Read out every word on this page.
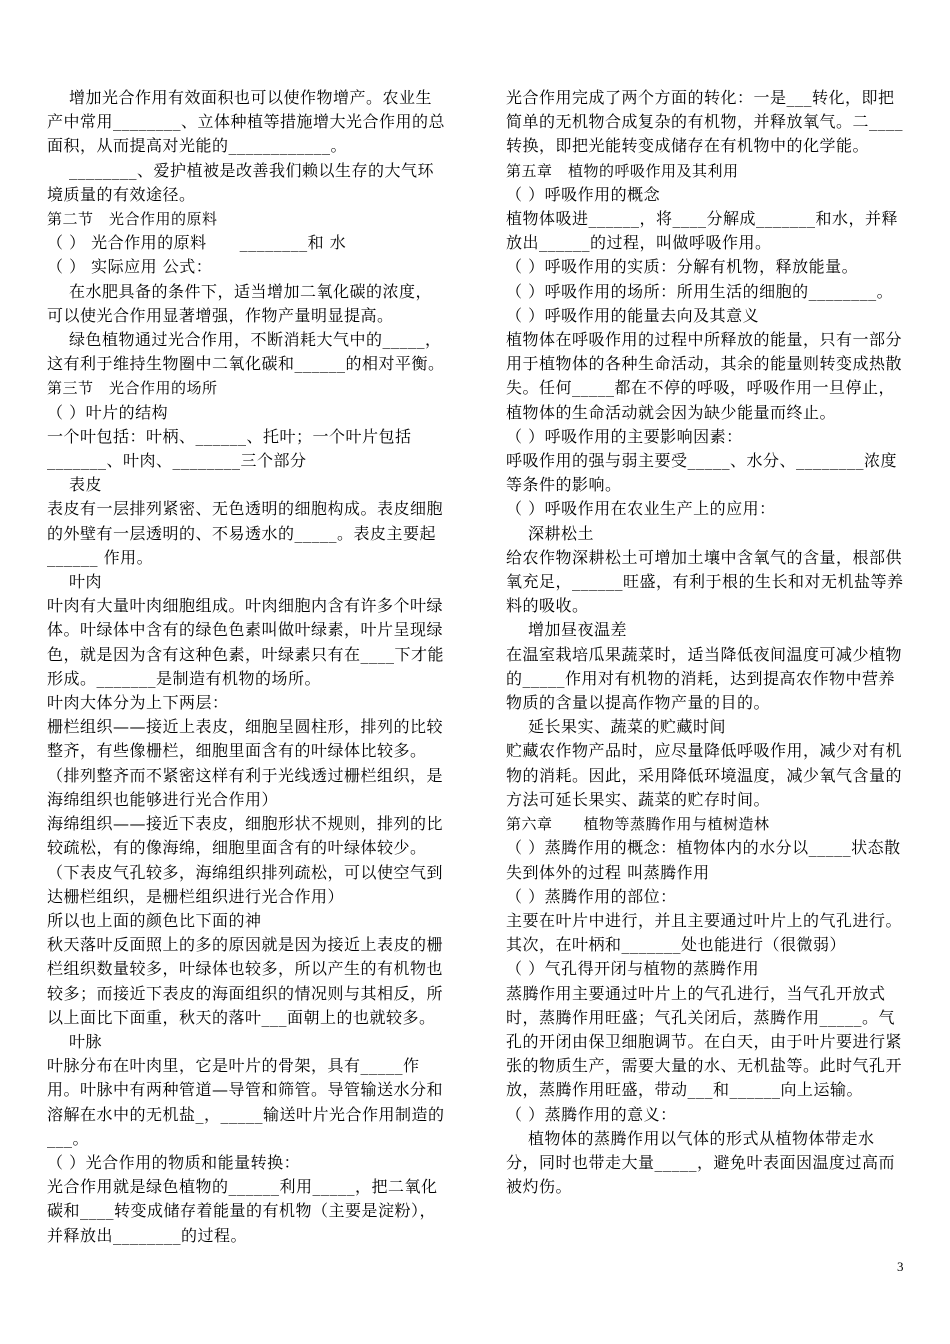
增加光合作用有效面积也可以使作物增产。农业生产中常用________、立体种植等措施增大光合作用的总面积，从而提高对光能的____________。

________、爱护植被是改善我们赖以生存的大气环境质量的有效途径。

第二节　光合作用的原料

（ ） 光合作用的原料　　________和 水

（ ） 实际应用 公式：

在水肥具备的条件下，适当增加二氧化碳的浓度，可以使光合作用显著增强，作物产量明显提高。

绿色植物通过光合作用，不断消耗大气中的_____，这有利于维持生物圈中二氧化碳和______的相对平衡。

第三节　光合作用的场所

（ ）叶片的结构

一个叶包括：叶柄、______、托叶；一个叶片包括_______、叶肉、________三个部分

表皮

表皮有一层排列紧密、无色透明的细胞构成。表皮细胞的外壁有一层透明的、不易透水的_____。表皮主要起______ 作用。

叶肉

叶肉有大量叶肉细胞组成。叶肉细胞内含有许多个叶绿体。叶绿体中含有的绿色色素叫做叶绿素，叶片呈现绿色，就是因为含有这种色素，叶绿素只有在____下才能形成。_______是制造有机物的场所。

叶肉大体分为上下两层：

栅栏组织——接近上表皮，细胞呈圆柱形，排列的比较整齐，有些像栅栏，细胞里面含有的叶绿体比较多。（排列整齐而不紧密这样有利于光线透过栅栏组织，是海绵组织也能够进行光合作用）

海绵组织——接近下表皮，细胞形状不规则，排列的比较疏松，有的像海绵，细胞里面含有的叶绿体较少。（下表皮气孔较多，海绵组织排列疏松，可以使空气到达栅栏组织，是栅栏组织进行光合作用）

所以也上面的颜色比下面的神

秋天落叶反面照上的多的原因就是因为接近上表皮的栅栏组织数量较多，叶绿体也较多，所以产生的有机物也较多；而接近下表皮的海面组织的情况则与其相反，所以上面比下面重，秋天的落叶___面朝上的也就较多。

叶脉

叶脉分布在叶肉里，它是叶片的骨架，具有_____作用。叶脉中有两种管道—导管和筛管。导管输送水分和溶解在水中的无机盐_，_____输送叶片光合作用制造的___。

（ ）光合作用的物质和能量转换：

光合作用就是绿色植物的______利用_____，把二氧化碳和____转变成储存着能量的有机物（主要是淀粉），并释放出________的过程。

光合作用完成了两个方面的转化：一是___转化，即把简单的无机物合成复杂的有机物，并释放氧气。二____转换，即把光能转变成储存在有机物中的化学能。

第五章　植物的呼吸作用及其利用

（ ）呼吸作用的概念

植物体吸进______，将____分解成_______和水，并释放出______的过程，叫做呼吸作用。

（ ）呼吸作用的实质：分解有机物，释放能量。

（ ）呼吸作用的场所：所用生活的细胞的________。

（ ）呼吸作用的能量去向及其意义

植物体在呼吸作用的过程中所释放的能量，只有一部分用于植物体的各种生命活动，其余的能量则转变成热散失。任何_____都在不停的呼吸，呼吸作用一旦停止，植物体的生命活动就会因为缺少能量而终止。

（ ）呼吸作用的主要影响因素：

呼吸作用的强与弱主要受_____、水分、________浓度等条件的影响。

（ ）呼吸作用在农业生产上的应用：

深耕松土

给农作物深耕松土可增加土壤中含氧气的含量，根部供氧充足，______旺盛，有利于根的生长和对无机盐等养料的吸收。

增加昼夜温差

在温室栽培瓜果蔬菜时，适当降低夜间温度可减少植物的_____作用对有机物的消耗，达到提高农作物中营养物质的含量以提高作物产量的目的。

延长果实、蔬菜的贮藏时间

贮藏农作物产品时，应尽量降低呼吸作用，减少对有机物的消耗。因此，采用降低环境温度，减少氧气含量的方法可延长果实、蔬菜的贮存时间。

第六章　　植物等蒸腾作用与植树造林

（ ）蒸腾作用的概念：植物体内的水分以_____状态散失到体外的过程 叫蒸腾作用

（ ）蒸腾作用的部位：

主要在叶片中进行，并且主要通过叶片上的气孔进行。其次，在叶柄和_______处也能进行（很微弱）

（ ）气孔得开闭与植物的蒸腾作用

蒸腾作用主要通过叶片上的气孔进行，当气孔开放式时，蒸腾作用旺盛；气孔关闭后，蒸腾作用_____。气孔的开闭由保卫细胞调节。在白天，由于叶片要进行紧张的物质生产，需要大量的水、无机盐等。此时气孔开放，蒸腾作用旺盛，带动___和______向上运输。

（ ）蒸腾作用的意义：

植物体的蒸腾作用以气体的形式从植物体带走水分，同时也带走大量_____，避免叶表面因温度过高而被灼伤。

3
